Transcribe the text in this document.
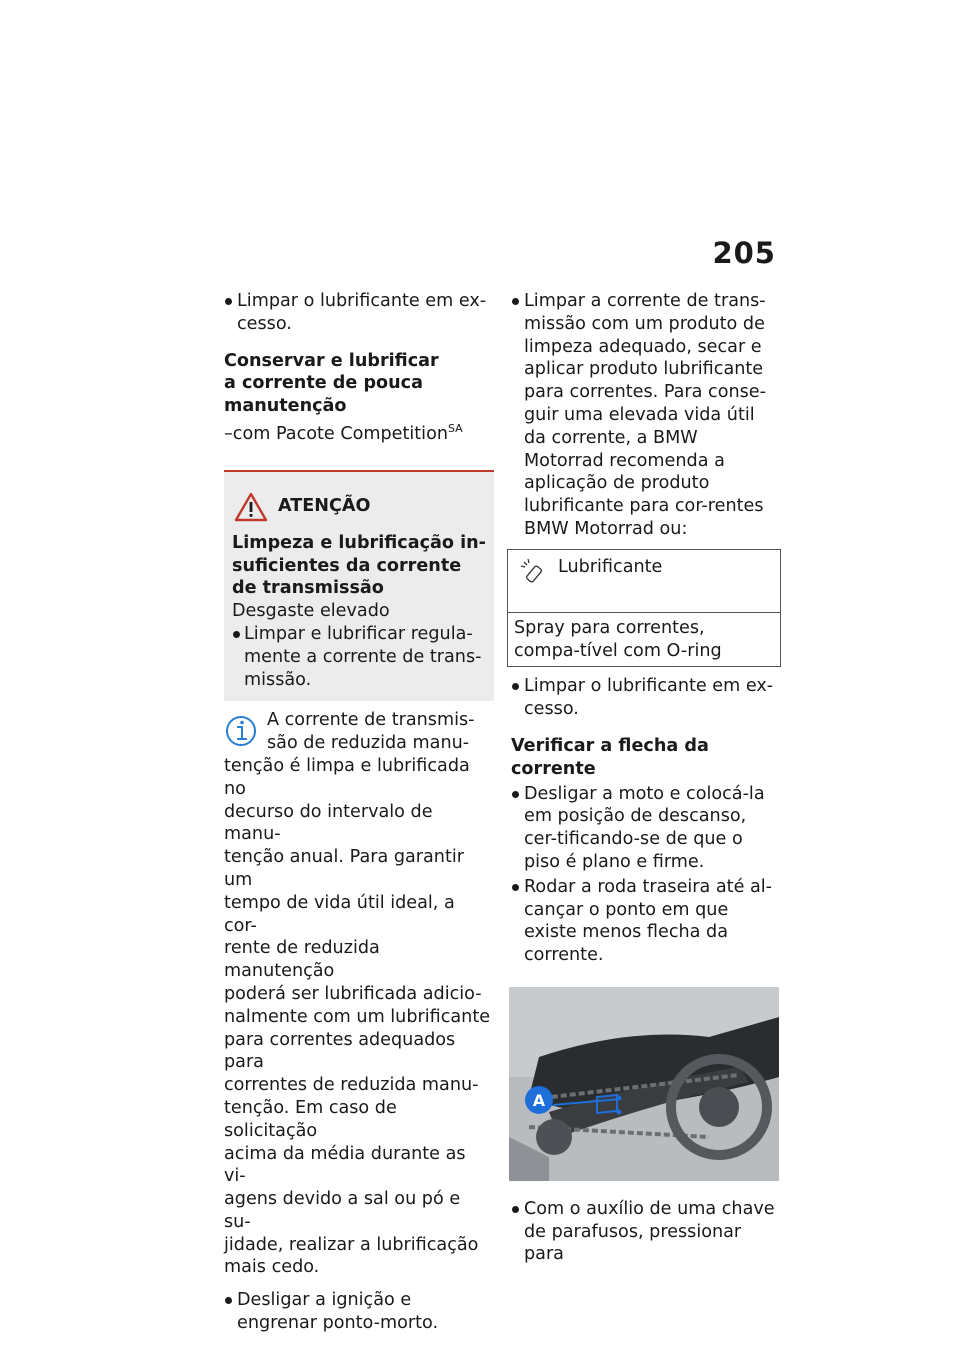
205
Limpar o lubrificante em ex-cesso.

Conservar e lubrificar

a corrente de pouca

manutenção

–com Pacote Competition$^{SA}$

ATENÇÃO

Limpeza e lubrificação in-suficientes da corrente de transmissão

Desgaste elevado

Limpar e lubrificar regula-mente a corrente de trans-missão.
A corrente de transmis-
são de reduzida manu-
tenção é limpa e lubrificada no
decurso do intervalo de manu-
tenção anual. Para garantir um
tempo de vida útil ideal, a cor-
rente de reduzida manutenção
poderá ser lubrificada adicio-
nalmente com um lubrificante
para correntes adequados para
correntes de reduzida manu-
tenção. Em caso de solicitação
acima da média durante as vi-
agens devido a sal ou pó e su-
jidade, realizar a lubrificação
mais cedo.
Desligar a ignição e engrenar ponto-morto.
Limpar a corrente de trans-missão com um produto de limpeza adequado, secar e aplicar produto lubrificante para correntes. Para conse-guir uma elevada vida útil da corrente, a BMW Motorrad recomenda a aplicação de produto lubrificante para cor-rentes BMW Motorrad ou:
Lubrificante
Spray para correntes, compa-tível com O-ring
Limpar o lubrificante em ex-cesso.

Verificar a flecha da corrente

Desligar a moto e colocá-la em posição de descanso, cer-tificando-se de que o piso é plano e firme.
Rodar a roda traseira até al-cançar o ponto em que existe menos flecha da corrente.
A
Com o auxílio de uma chave de parafusos, pressionar para
